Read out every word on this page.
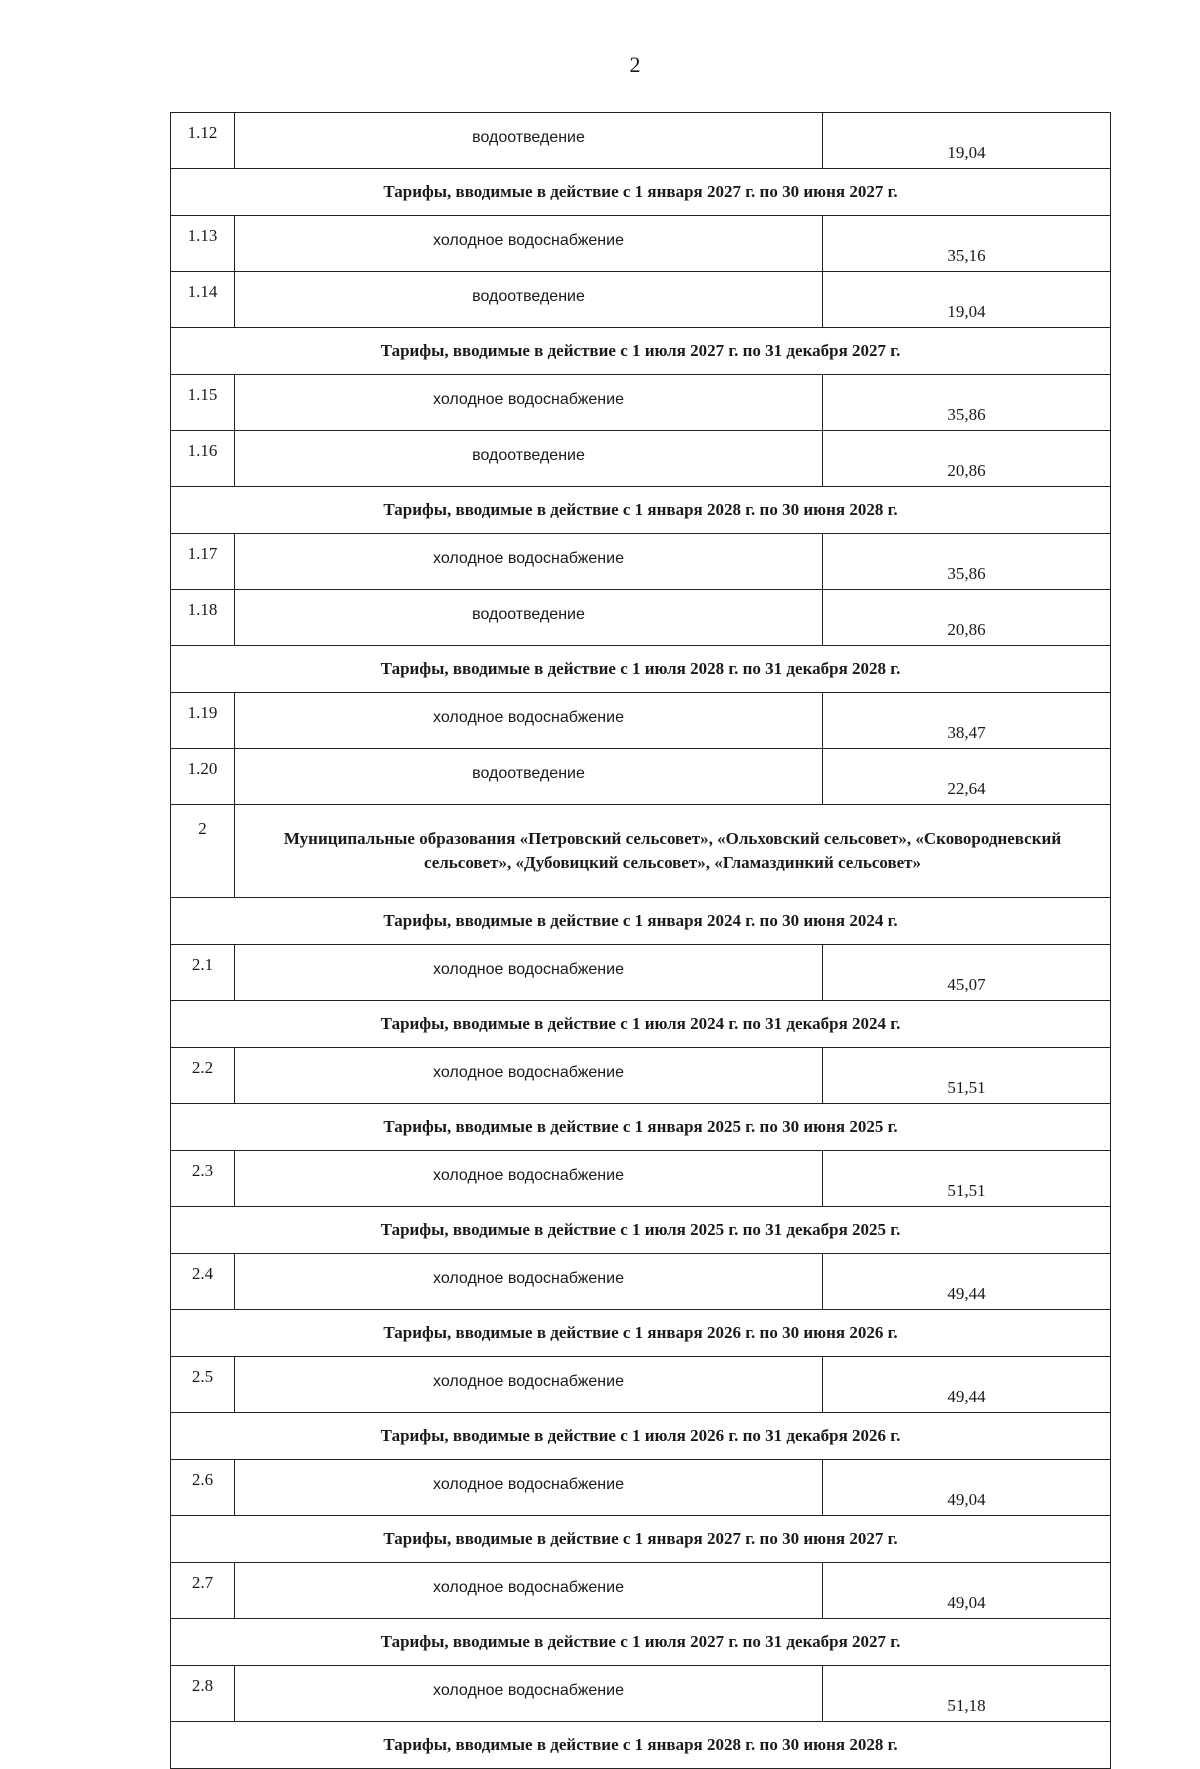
2
1.12	водоотведение	19,04
Тарифы, вводимые в действие с 1 января 2027 г. по 30 июня 2027 г.		
1.13	холодное водоснабжение	35,16
1.14	водоотведение	19,04
Тарифы, вводимые в действие с 1 июля 2027 г. по 31 декабря 2027 г.		
1.15	холодное водоснабжение	35,86
1.16	водоотведение	20,86
Тарифы, вводимые в действие с 1 января 2028 г. по 30 июня 2028 г.		
1.17	холодное водоснабжение	35,86
1.18	водоотведение	20,86
Тарифы, вводимые в действие с 1 июля 2028 г. по 31 декабря 2028 г.		
1.19	холодное водоснабжение	38,47
1.20	водоотведение	22,64
2	Муниципальные образования «Петровский сельсовет», «Ольховский сельсовет», «Сковородневский сельсовет», «Дубовицкий сельсовет», «Гламаздинкий сельсовет»	
Тарифы, вводимые в действие с 1 января 2024 г. по 30 июня 2024 г.		
2.1	холодное водоснабжение	45,07
Тарифы, вводимые в действие с 1 июля 2024 г. по 31 декабря 2024 г.		
2.2	холодное водоснабжение	51,51
Тарифы, вводимые в действие с 1 января 2025 г. по 30 июня 2025 г.		
2.3	холодное водоснабжение	51,51
Тарифы, вводимые в действие с 1 июля 2025 г. по 31 декабря 2025 г.		
2.4	холодное водоснабжение	49,44
Тарифы, вводимые в действие с 1 января 2026 г. по 30 июня 2026 г.		
2.5	холодное водоснабжение	49,44
Тарифы, вводимые в действие с 1 июля 2026 г. по 31 декабря 2026 г.		
2.6	холодное водоснабжение	49,04
Тарифы, вводимые в действие с 1 января 2027 г. по 30 июня 2027 г.		
2.7	холодное водоснабжение	49,04
Тарифы, вводимые в действие с 1 июля 2027 г. по 31 декабря 2027 г.		
2.8	холодное водоснабжение	51,18
Тарифы, вводимые в действие с 1 января 2028 г. по 30 июня 2028 г.		
